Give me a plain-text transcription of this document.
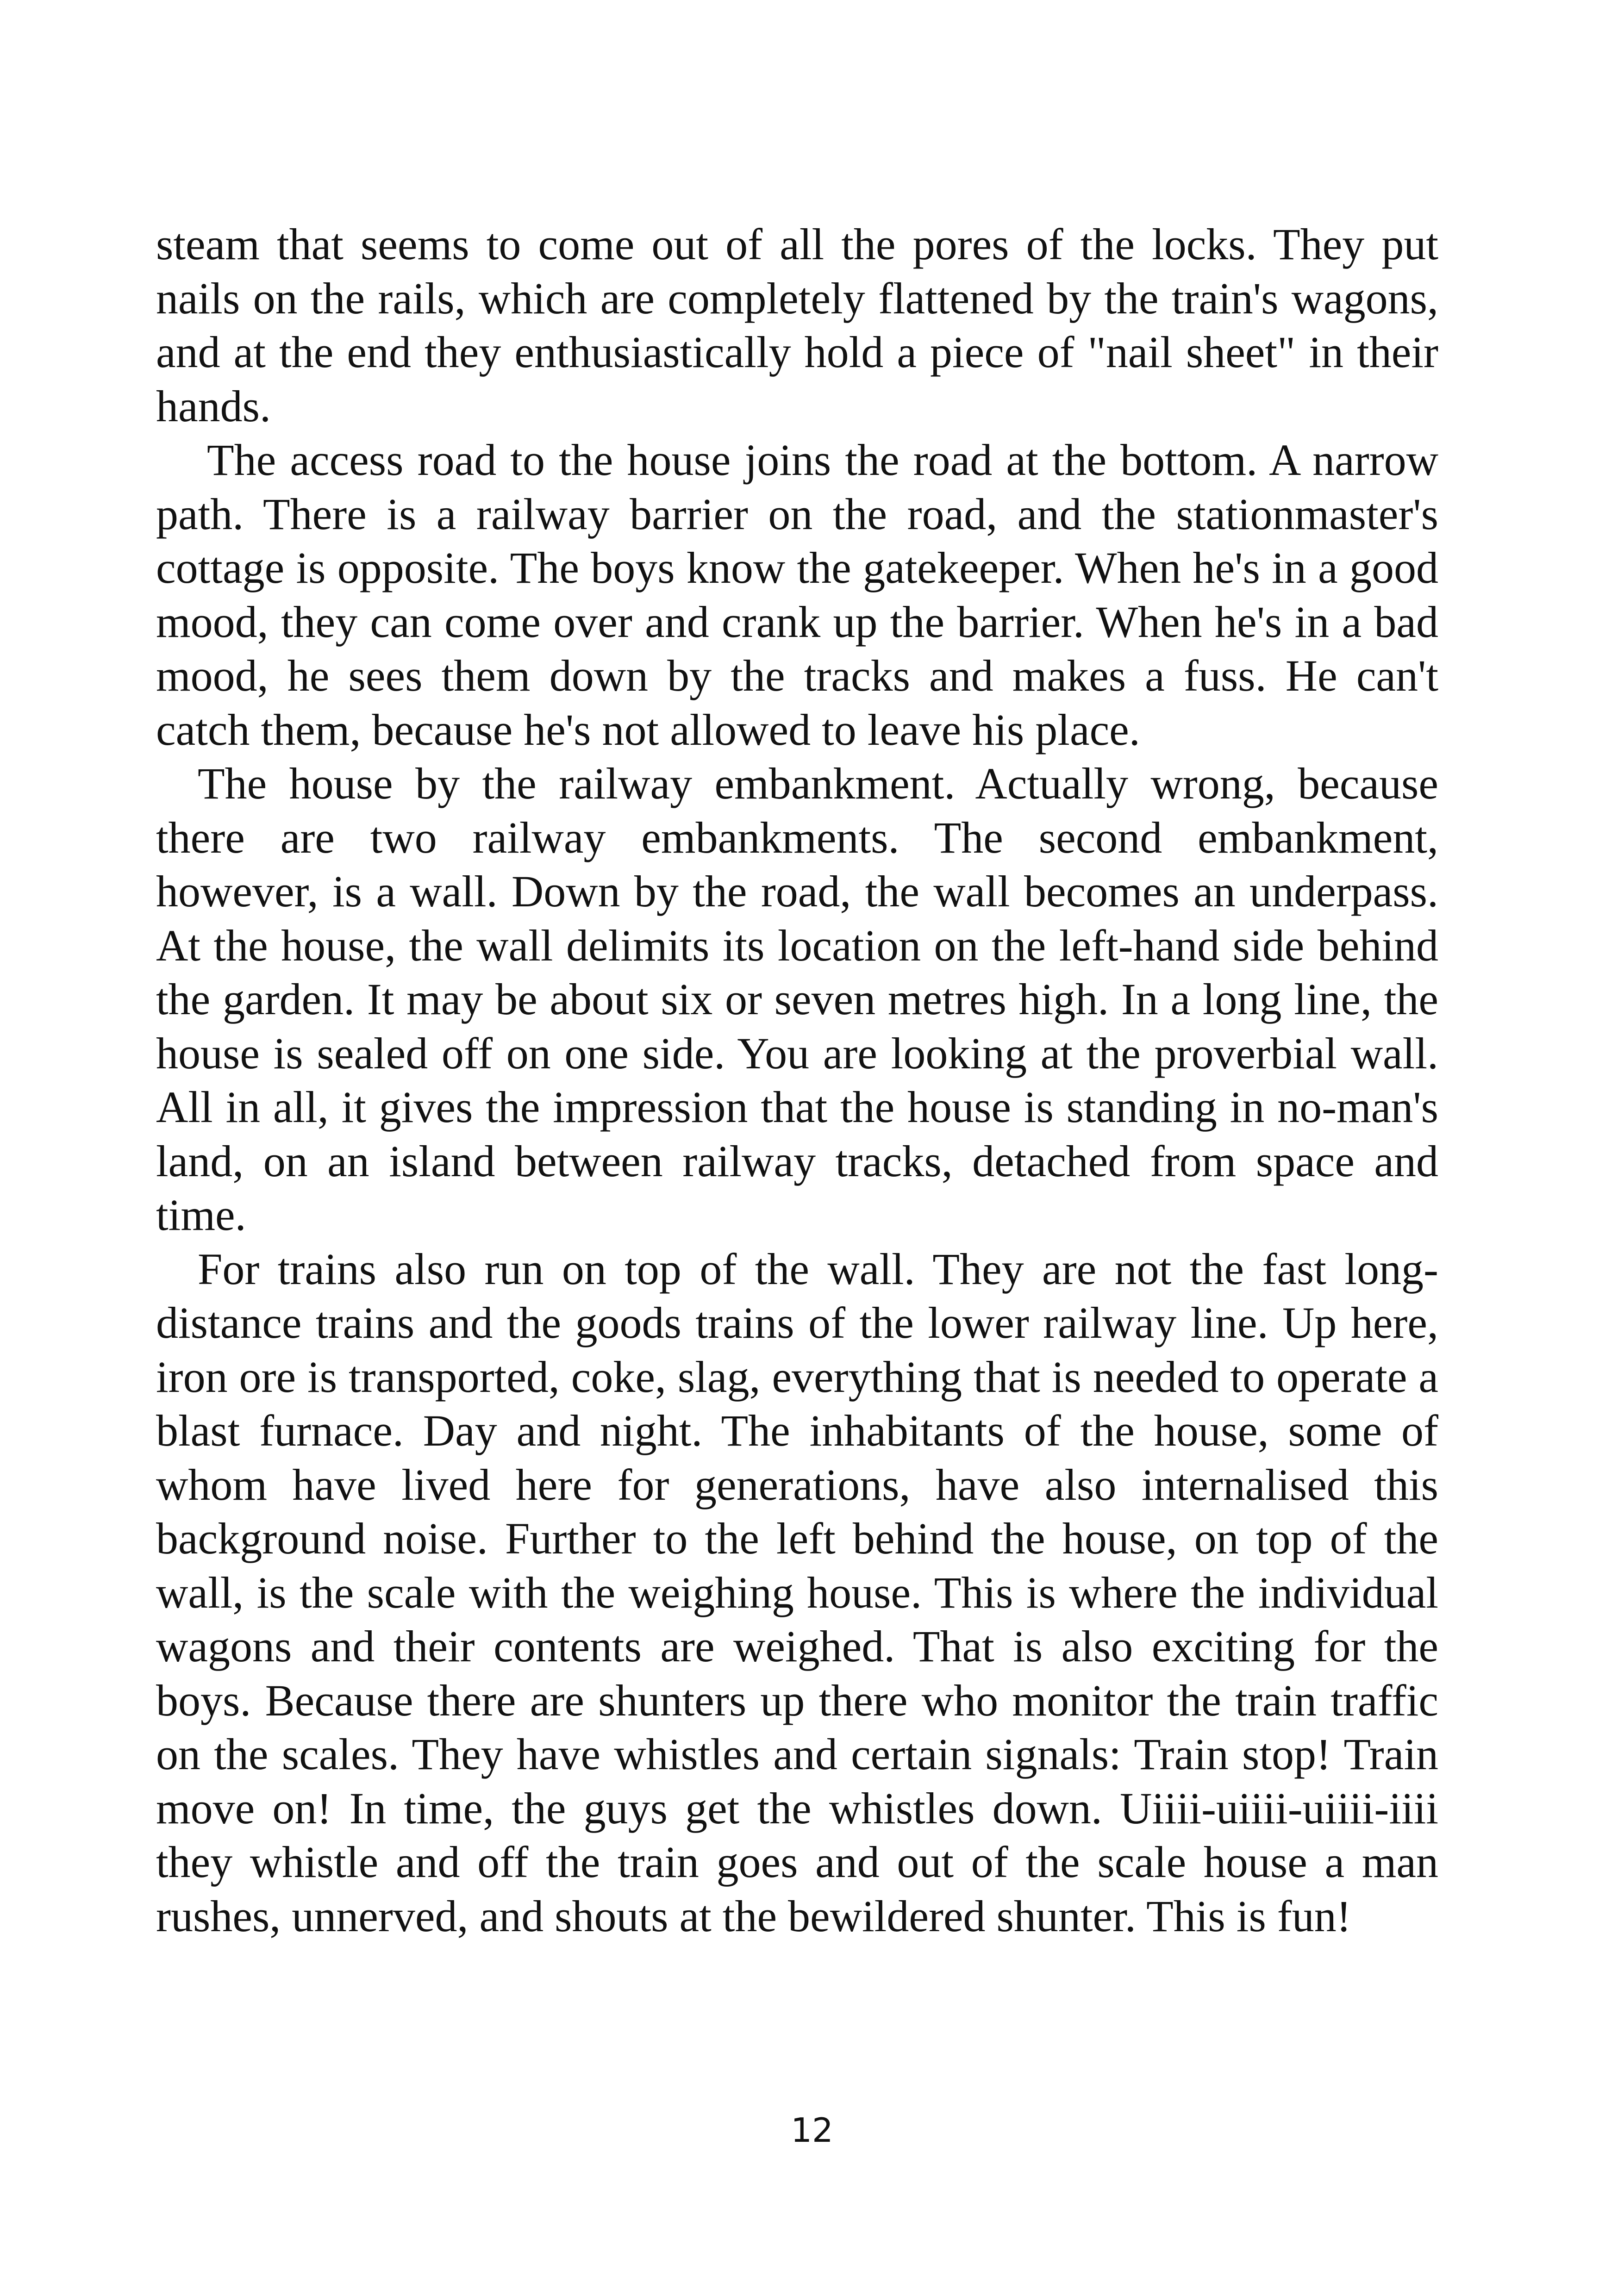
steam that seems to come out of all the pores of the locks. They put nails on the rails, which are completely flattened by the train's wagons, and at the end they enthusiastically hold a piece of "nail sheet" in their hands.

The access road to the house joins the road at the bottom. A narrow path. There is a railway barrier on the road, and the stationmaster's cottage is opposite. The boys know the gatekeeper. When he's in a good mood, they can come over and crank up the barrier. When he's in a bad mood, he sees them down by the tracks and makes a fuss. He can't catch them, because he's not allowed to leave his place.

The house by the railway embankment. Actually wrong, because there are two railway embankments. The second embankment, however, is a wall. Down by the road, the wall becomes an underpass. At the house, the wall delimits its location on the left-hand side behind the garden. It may be about six or seven metres high. In a long line, the house is sealed off on one side. You are looking at the proverbial wall. All in all, it gives the impression that the house is standing in no-man's land, on an island between railway tracks, detached from space and time.

For trains also run on top of the wall. They are not the fast long-distance trains and the goods trains of the lower railway line. Up here, iron ore is transported, coke, slag, everything that is needed to operate a blast furnace. Day and night. The inhabitants of the house, some of whom have lived here for generations, have also internalised this background noise. Further to the left behind the house, on top of the wall, is the scale with the weighing house. This is where the individual wagons and their contents are weighed. That is also exciting for the boys. Because there are shunters up there who monitor the train traffic on the scales. They have whistles and certain signals: Train stop! Train move on! In time, the guys get the whistles down. Uiiii-uiiii-uiiii-iiii they whistle and off the train goes and out of the scale house a man rushes, unnerved, and shouts at the bewildered shunter. This is fun!

12
